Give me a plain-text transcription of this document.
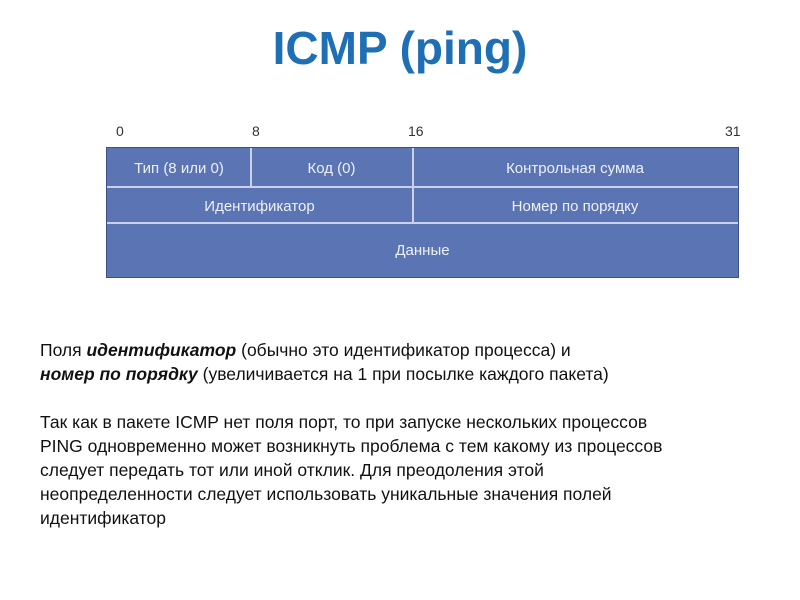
ICMP (ping)
0	8	16	31
Тип (8 или 0)	Код (0)	Контрольная сумма
Идентификатор	Номер по порядку
Данные
Поля идентификатор (обычно это идентификатор процесса) и
номер по порядку (увеличивается на 1 при посылке каждого пакета)
Так как в пакете ICMP нет поля порт, то при запуске нескольких процессов
PING одновременно может возникнуть проблема с тем какому из процессов
следует передать тот или иной отклик. Для преодоления этой
неопределенности следует использовать уникальные значения полей
идентификатор
